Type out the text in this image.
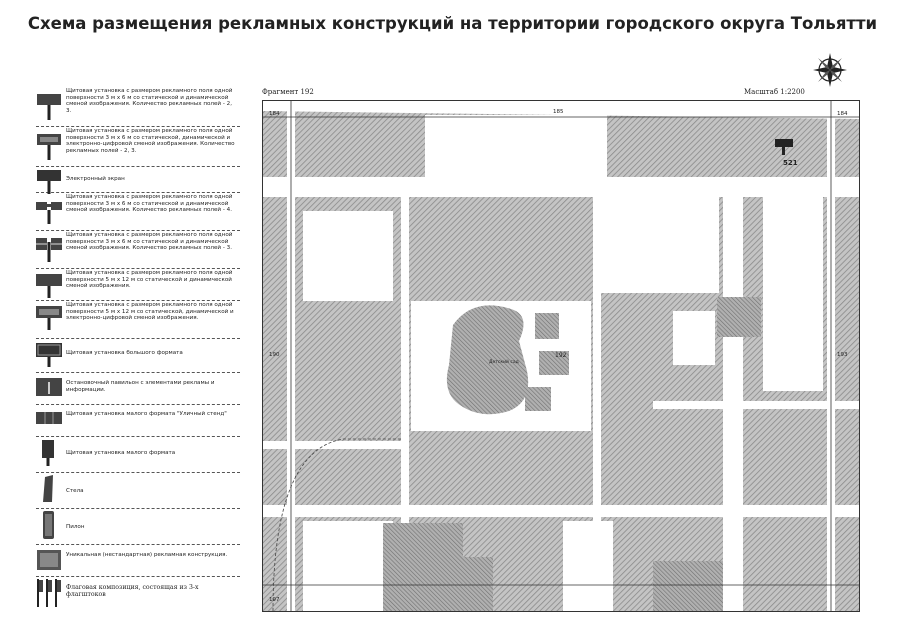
Схема размещения рекламных конструкций на территории городского округа Тольятти
Щитовая установка с размером рекламного поля одной поверхности 3 м х 6 м со статической и динамической сменой изображения. Количество рекламных полей - 2, 3.
Щитовая установка с размером рекламного поля одной поверхности 3 м х 6 м со статической, динамической и электронно-цифровой сменой изображения. Количество рекламных полей - 2, 3.
Электронный экран
Щитовая установка с размером рекламного поля одной поверхности 3 м х 6 м со статической и динамической сменой изображения. Количество рекламных полей - 4.
Щитовая установка с размером рекламного поля одной поверхности 3 м х 6 м со статической и динамической сменой изображения. Количество рекламных полей - 3.
Щитовая установка с размером рекламного поля одной поверхности 5 м х 12 м со статической и динамической сменой изображения.
Щитовая установка с размером рекламного поля одной поверхности 5 м х 12 м со статической, динамической и электронно-цифровой сменой изображения.
Щитовая установка большого формата
Остановочный павильон с элементами рекламы и информации.
Щитовая установка малого формата "Уличный стенд"
Щитовая установка малого формата
Стела
Пилон
Уникальная (нестандартная) рекламная конструкция.
Флаговая композиция, состоящая из 3-х флагштоков
Фрагмент 192	Масштаб 1:2200
184	185	184
190	193
197
192
Детский сад
521
